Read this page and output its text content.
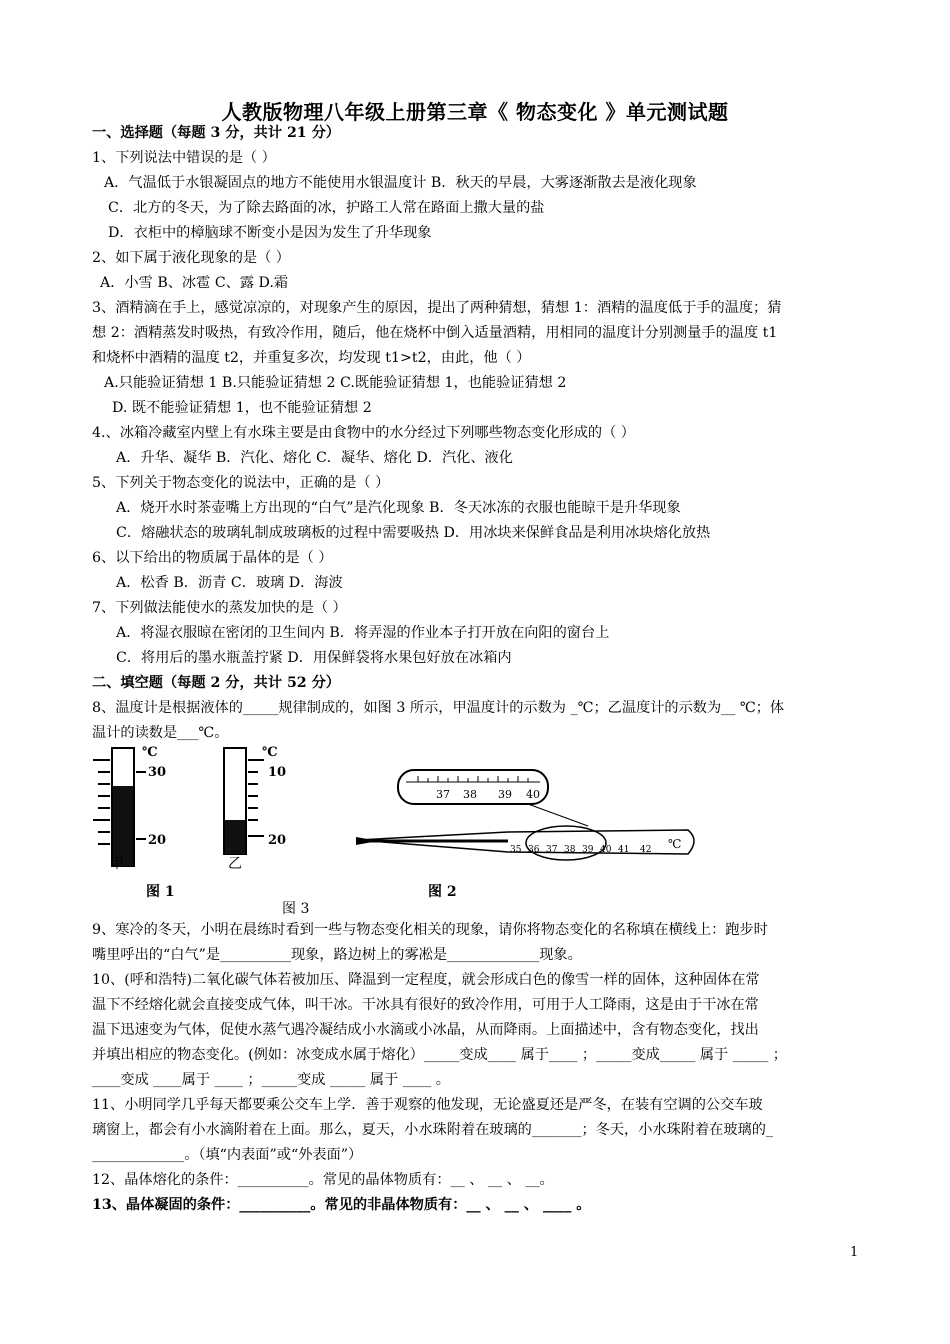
人教版物理八年级上册第三章《 物态变化 》单元测试题
一、选择题（每题 3 分，共计 21 分）
1、下列说法中错误的是（ ）
A．气温低于水银凝固点的地方不能使用水银温度计 B．秋天的早晨，大雾逐渐散去是液化现象
C．北方的冬天，为了除去路面的冰，护路工人常在路面上撒大量的盐
D．衣柜中的樟脑球不断变小是因为发生了升华现象
2、如下属于液化现象的是（ ）
A．小雪 B、冰雹 C、露 D.霜
3、酒精滴在手上，感觉凉凉的，对现象产生的原因，提出了两种猜想，猜想 1：酒精的温度低于手的温度；猜
想 2：酒精蒸发时吸热，有致冷作用，随后，他在烧杯中倒入适量酒精，用相同的温度计分别测量手的温度 t1
和烧杯中酒精的温度 t2，并重复多次，均发现 t1>t2，由此，他（ ）
A.只能验证猜想 1 B.只能验证猜想 2 C.既能验证猜想 1，也能验证猜想 2
D. 既不能验证猜想 1，也不能验证猜想 2
4.、冰箱冷藏室内壁上有水珠主要是由食物中的水分经过下列哪些物态变化形成的（ ）
A．升华、凝华 B．汽化、熔化 C．凝华、熔化 D．汽化、液化
5、下列关于物态变化的说法中，正确的是（ ）
A．烧开水时茶壶嘴上方出现的“白气”是汽化现象 B．冬天冰冻的衣服也能晾干是升华现象
C．熔融状态的玻璃轧制成玻璃板的过程中需要吸热 D．用冰块来保鲜食品是利用冰块熔化放热
6、以下给出的物质属于晶体的是（ ）
A．松香 B．沥青 C．玻璃 D．海波
7、下列做法能使水的蒸发加快的是（ ）
A．将湿衣服晾在密闭的卫生间内 B．将弄湿的作业本子打开放在向阳的窗台上
C．将用后的墨水瓶盖拧紧 D．用保鲜袋将水果包好放在冰箱内
二、填空题（每题 2 分，共计 52 分）
8、温度计是根据液体的_____规律制成的，如图 3 所示，甲温度计的示数为 _℃；乙温度计的示数为__ ℃；体
温计的读数是___℃。
℃
30
20
甲
℃
10
20
乙
图 1	图 2
37 38 39 40
35 36 37 38 39 40 41 42 ℃
图 3
9、寒冷的冬天，小明在晨练时看到一些与物态变化相关的现象，请你将物态变化的名称填在横线上：跑步时
嘴里呼出的“白气”是__________现象，路边树上的雾凇是_____________现象。
10、(呼和浩特)二氧化碳气体若被加压、降温到一定程度，就会形成白色的像雪一样的固体，这种固体在常
温下不经熔化就会直接变成气体，叫干冰。干冰具有很好的致冷作用，可用于人工降雨，这是由于干冰在常
温下迅速变为气体，促使水蒸气遇冷凝结成小水滴或小冰晶，从而降雨。上面描述中，含有物态变化，找出
并填出相应的物态变化。(例如：冰变成水属于熔化）_____变成____ 属于____ ；_____变成_____ 属于 _____ ；
____变成 ____属于 ____ ；_____变成 _____ 属于 ____ 。
11、小明同学几乎每天都要乘公交车上学．善于观察的他发现，无论盛夏还是严冬，在装有空调的公交车玻
璃窗上，都会有小水滴附着在上面。那么，夏天，小水珠附着在玻璃的_______；冬天，小水珠附着在玻璃的_
_____________。（填“内表面”或“外表面”）
12、晶体熔化的条件：__________。常见的晶体物质有：__ 、 __ 、 __。
13、晶体凝固的条件：__________。常见的非晶体物质有：__ 、 __ 、 ____ 。
1
